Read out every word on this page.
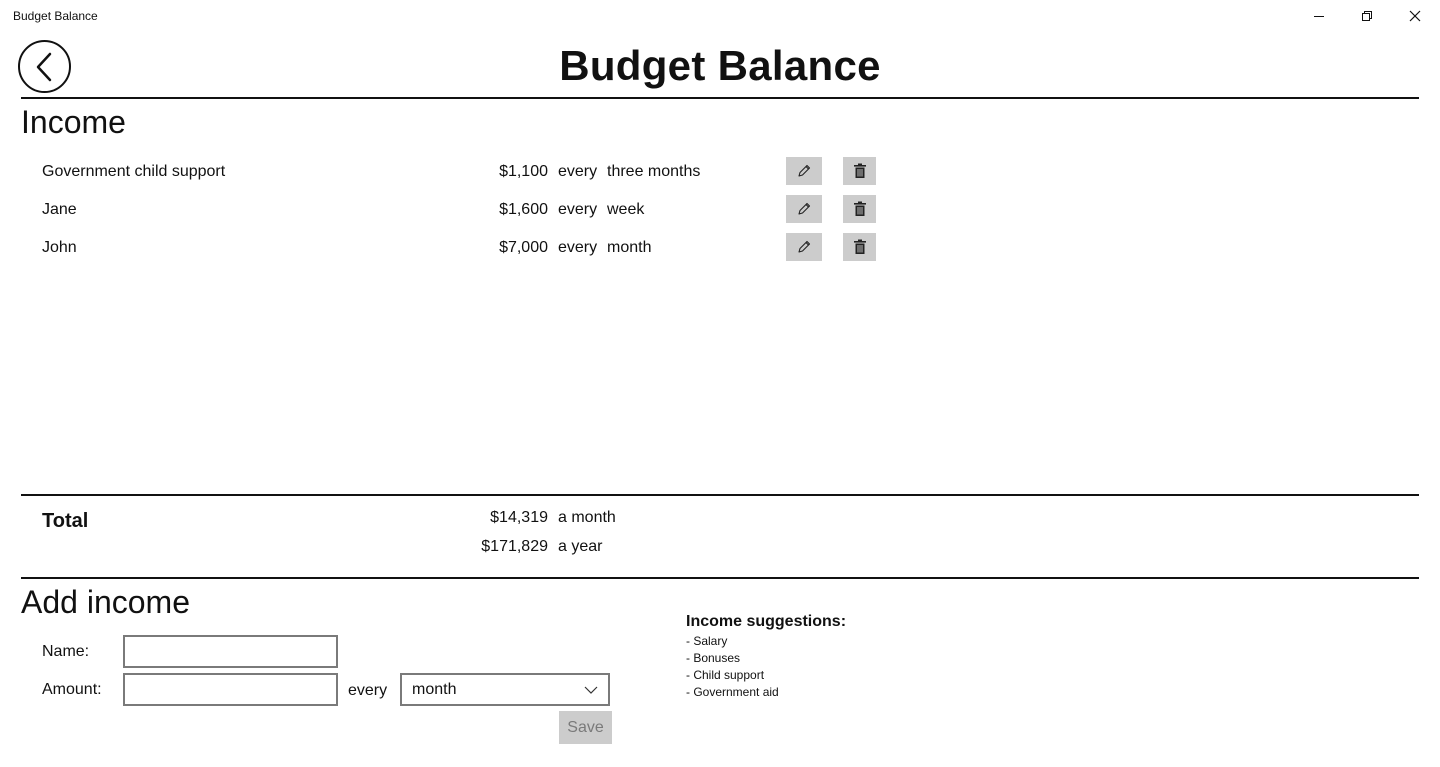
Budget Balance
Budget Balance
Income
Government child support	$1,100 every three months
Jane	$1,600 every week
John	$7,000 every month
Total	$14,319 a month
$171,829 a year
Add income
Name:
Amount:	every month
Save
Income suggestions:
- Salary
- Bonuses
- Child support
- Government aid
